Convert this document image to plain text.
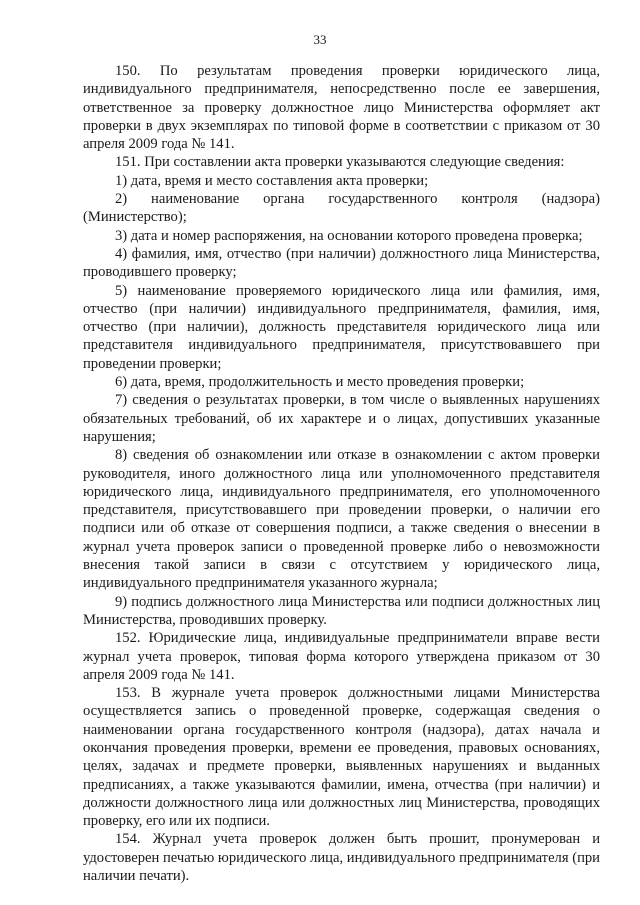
33

150. По результатам проведения проверки юридического лица, индивидуального предпринимателя, непосредственно после ее завершения, ответственное за проверку должностное лицо Министерства оформляет акт проверки в двух экземплярах по типовой форме в соответствии с приказом от 30 апреля 2009 года № 141.

151. При составлении акта проверки указываются следующие сведения:

1) дата, время и место составления акта проверки;

2) наименование органа государственного контроля (надзора) (Министерство);

3) дата и номер распоряжения, на основании которого проведена проверка;

4) фамилия, имя, отчество (при наличии) должностного лица Министерства, проводившего проверку;

5) наименование проверяемого юридического лица или фамилия, имя, отчество (при наличии) индивидуального предпринимателя, фамилия, имя, отчество (при наличии), должность представителя юридического лица или представителя индивидуального предпринимателя, присутствовавшего при проведении проверки;

6) дата, время, продолжительность и место проведения проверки;

7) сведения о результатах проверки, в том числе о выявленных нарушениях обязательных требований, об их характере и о лицах, допустивших указанные нарушения;

8) сведения об ознакомлении или отказе в ознакомлении с актом проверки руководителя, иного должностного лица или уполномоченного представителя юридического лица, индивидуального предпринимателя, его уполномоченного представителя, присутствовавшего при проведении проверки, о наличии его подписи или об отказе от совершения подписи, а также сведения о внесении в журнал учета проверок записи о проведенной проверке либо о невозможности внесения такой записи в связи с отсутствием у юридического лица, индивидуального предпринимателя указанного журнала;

9) подпись должностного лица Министерства или подписи должностных лиц Министерства, проводивших проверку.

152. Юридические лица, индивидуальные предприниматели вправе вести журнал учета проверок, типовая форма которого утверждена приказом от 30 апреля 2009 года № 141.

153. В журнале учета проверок должностными лицами Министерства осуществляется запись о проведенной проверке, содержащая сведения о наименовании органа государственного контроля (надзора), датах начала и окончания проведения проверки, времени ее проведения, правовых основаниях, целях, задачах и предмете проверки, выявленных нарушениях и выданных предписаниях, а также указываются фамилии, имена, отчества (при наличии) и должности должностного лица или должностных лиц Министерства, проводящих проверку, его или их подписи.

154. Журнал учета проверок должен быть прошит, пронумерован и удостоверен печатью юридического лица, индивидуального предпринимателя (при наличии печати).
